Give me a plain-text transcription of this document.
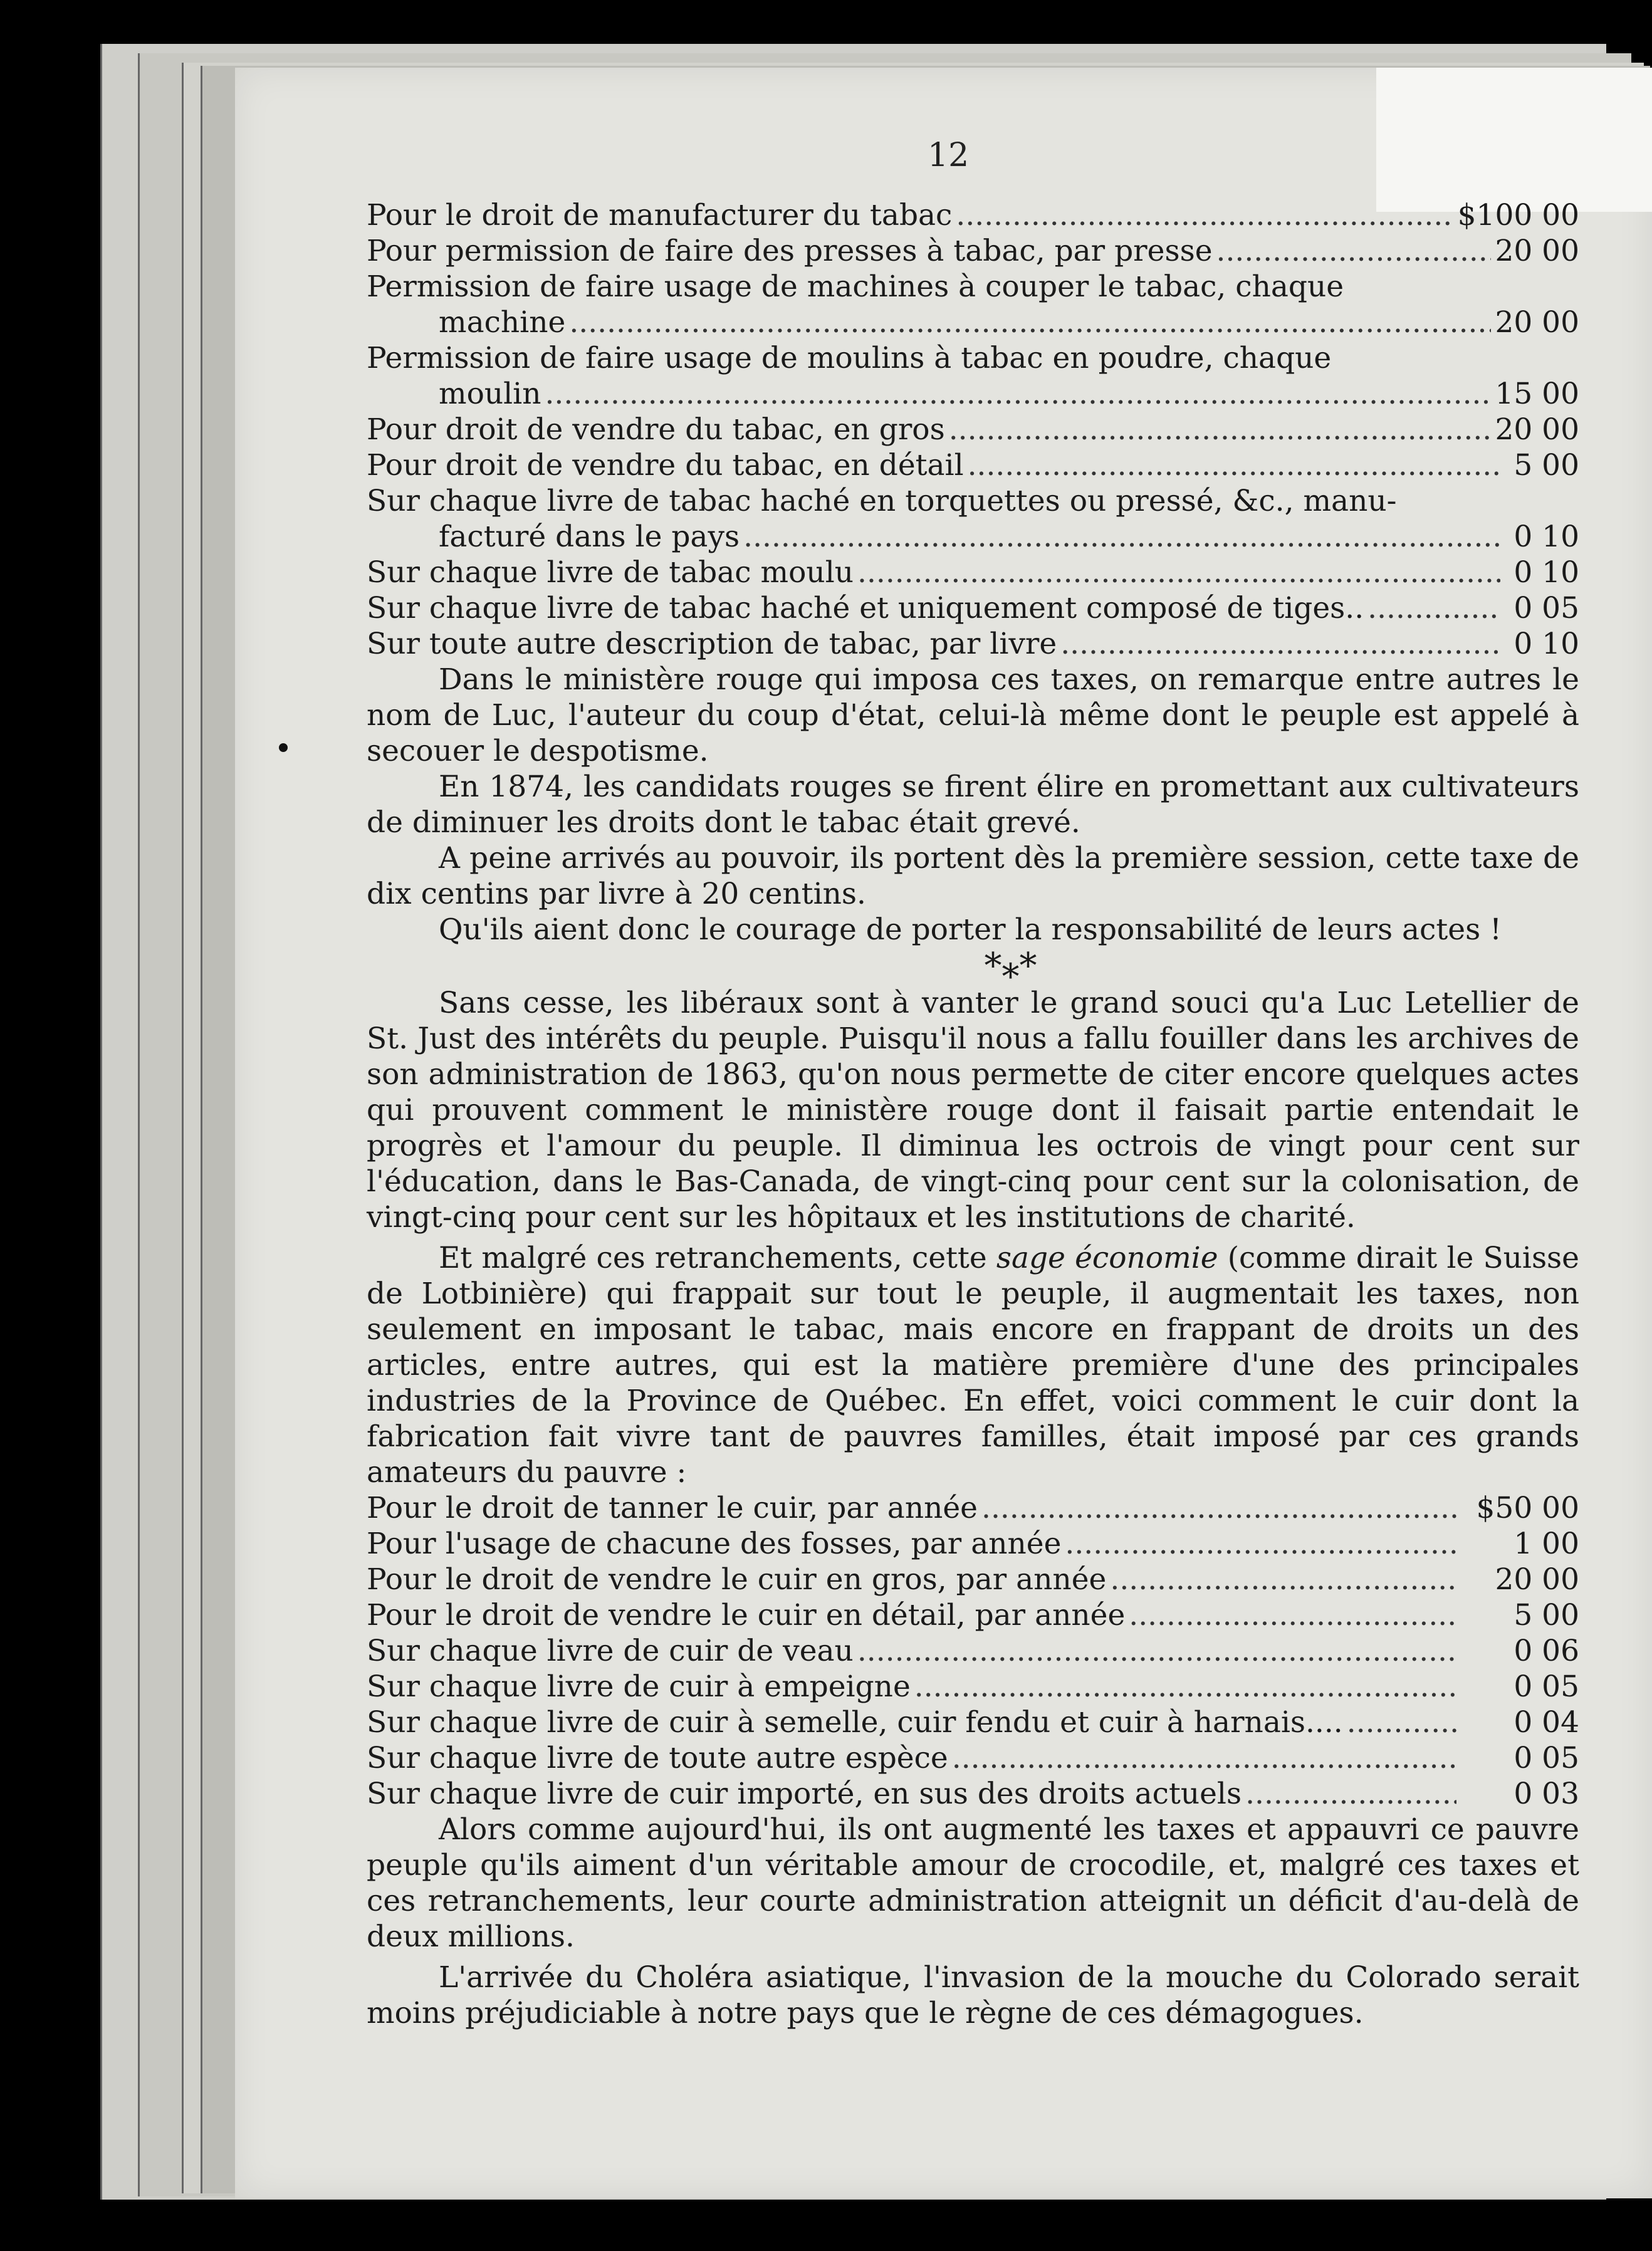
12
Pour le droit de manufacturer du tabac .....	$100 00
Pour permission de faire des presses à tabac, par presse .....	20 00

Permission de faire usage de machines à couper le tabac, chaque

machine .....	20 00

Permission de faire usage de moulins à tabac en poudre, chaque

moulin .....	15 00
Pour droit de vendre du tabac, en gros .....	20 00
Pour droit de vendre du tabac, en détail .....	5 00

Sur chaque livre de tabac haché en torquettes ou pressé, &c., manu-

facturé dans le pays .....	0 10
Sur chaque livre de tabac moulu .....	0 10
Sur chaque livre de tabac haché et uniquement composé de tiges.. .....	0 05
Sur toute autre description de tabac, par livre .....	0 10

Dans le ministère rouge qui imposa ces taxes, on remarque entre autres le nom de Luc, l'auteur du coup d'état, celui-là même dont le peuple est appelé à secouer le despotisme.

En 1874, les candidats rouges se firent élire en promettant aux cultivateurs de diminuer les droits dont le tabac était grevé.

A peine arrivés au pouvoir, ils portent dès la première session, cette taxe de dix centins par livre à 20 centins.

Qu'ils aient donc le courage de porter la responsabilité de leurs actes !

*⁎*

Sans cesse, les libéraux sont à vanter le grand souci qu'a Luc Letellier de St. Just des intérêts du peuple. Puisqu'il nous a fallu fouiller dans les archives de son administration de 1863, qu'on nous permette de citer encore quelques actes qui prouvent comment le ministère rouge dont il faisait partie entendait le progrès et l'amour du peuple. Il diminua les octrois de vingt pour cent sur l'éducation, dans le Bas-Canada, de vingt-cinq pour cent sur la colonisation, de vingt-cinq pour cent sur les hôpitaux et les institutions de charité.

Et malgré ces retranchements, cette sage économie (comme dirait le Suisse de Lotbinière) qui frappait sur tout le peuple, il augmentait les taxes, non seulement en imposant le tabac, mais encore en frappant de droits un des articles, entre autres, qui est la matière première d'une des principales industries de la Province de Québec. En effet, voici comment le cuir dont la fabrication fait vivre tant de pauvres familles, était imposé par ces grands amateurs du pauvre :

Pour le droit de tanner le cuir, par année .....	$50 00
Pour l'usage de chacune des fosses, par année .....	1 00
Pour le droit de vendre le cuir en gros, par année .....	20 00
Pour le droit de vendre le cuir en détail, par année .....	5 00
Sur chaque livre de cuir de veau .....	0 06
Sur chaque livre de cuir à empeigne .....	0 05
Sur chaque livre de cuir à semelle, cuir fendu et cuir à harnais.... .....	0 04
Sur chaque livre de toute autre espèce .....	0 05
Sur chaque livre de cuir importé, en sus des droits actuels .....	0 03

Alors comme aujourd'hui, ils ont augmenté les taxes et appauvri ce pauvre peuple qu'ils aiment d'un véritable amour de crocodile, et, malgré ces taxes et ces retranchements, leur courte administration atteignit un déficit d'au-delà de deux millions.

L'arrivée du Choléra asiatique, l'invasion de la mouche du Colorado serait moins préjudiciable à notre pays que le règne de ces démagogues.
